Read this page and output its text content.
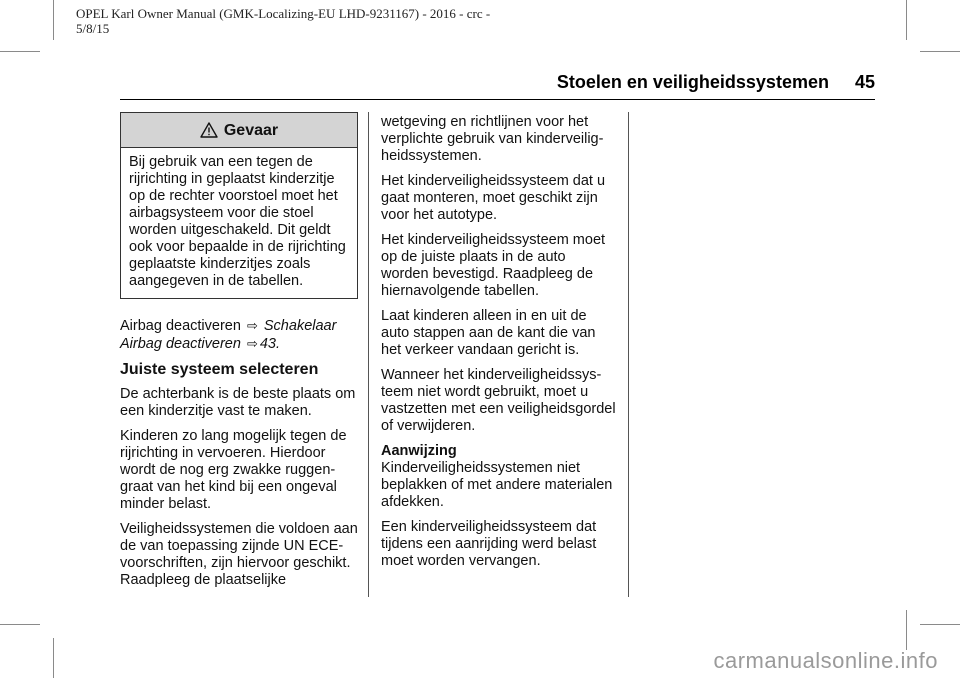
OPEL Karl Owner Manual (GMK-Localizing-EU LHD-9231167) - 2016 - crc -
5/8/15
Stoelen en veiligheidssystemen 45
Gevaar
Bij gebruik van een tegen de rijrichting in geplaatst kinderzitje op de rechter voorstoel moet het airbagsysteem voor die stoel worden uitgeschakeld. Dit geldt ook voor bepaalde in de rijrichting geplaatste kinderzitjes zoals aangegeven in de tabellen.

Airbag deactiveren ⇨ Schakelaar Airbag deactiveren ⇨ 43.

Juiste systeem selecteren

De achterbank is de beste plaats om een kinderzitje vast te maken.

Kinderen zo lang mogelijk tegen de rijrichting in vervoeren. Hierdoor wordt de nog erg zwakke ruggen-graat van het kind bij een ongeval minder belast.

Veiligheidssystemen die voldoen aan de van toepassing zijnde UN ECE-voorschriften, zijn hiervoor geschikt. Raadpleeg de plaatselijke

wetgeving en richtlijnen voor het verplichte gebruik van kinderveilig-heidssystemen.

Het kinderveiligheidssysteem dat u gaat monteren, moet geschikt zijn voor het autotype.

Het kinderveiligheidssysteem moet op de juiste plaats in de auto worden bevestigd. Raadpleeg de hiernavolgende tabellen.

Laat kinderen alleen in en uit de auto stappen aan de kant die van het verkeer vandaan gericht is.

Wanneer het kinderveiligheidssys-teem niet wordt gebruikt, moet u vastzetten met een veiligheidsgordel of verwijderen.

Aanwijzing

Kinderveiligheidssystemen niet beplakken of met andere materialen afdekken.

Een kinderveiligheidssysteem dat tijdens een aanrijding werd belast moet worden vervangen.

carmanualsonline.info
